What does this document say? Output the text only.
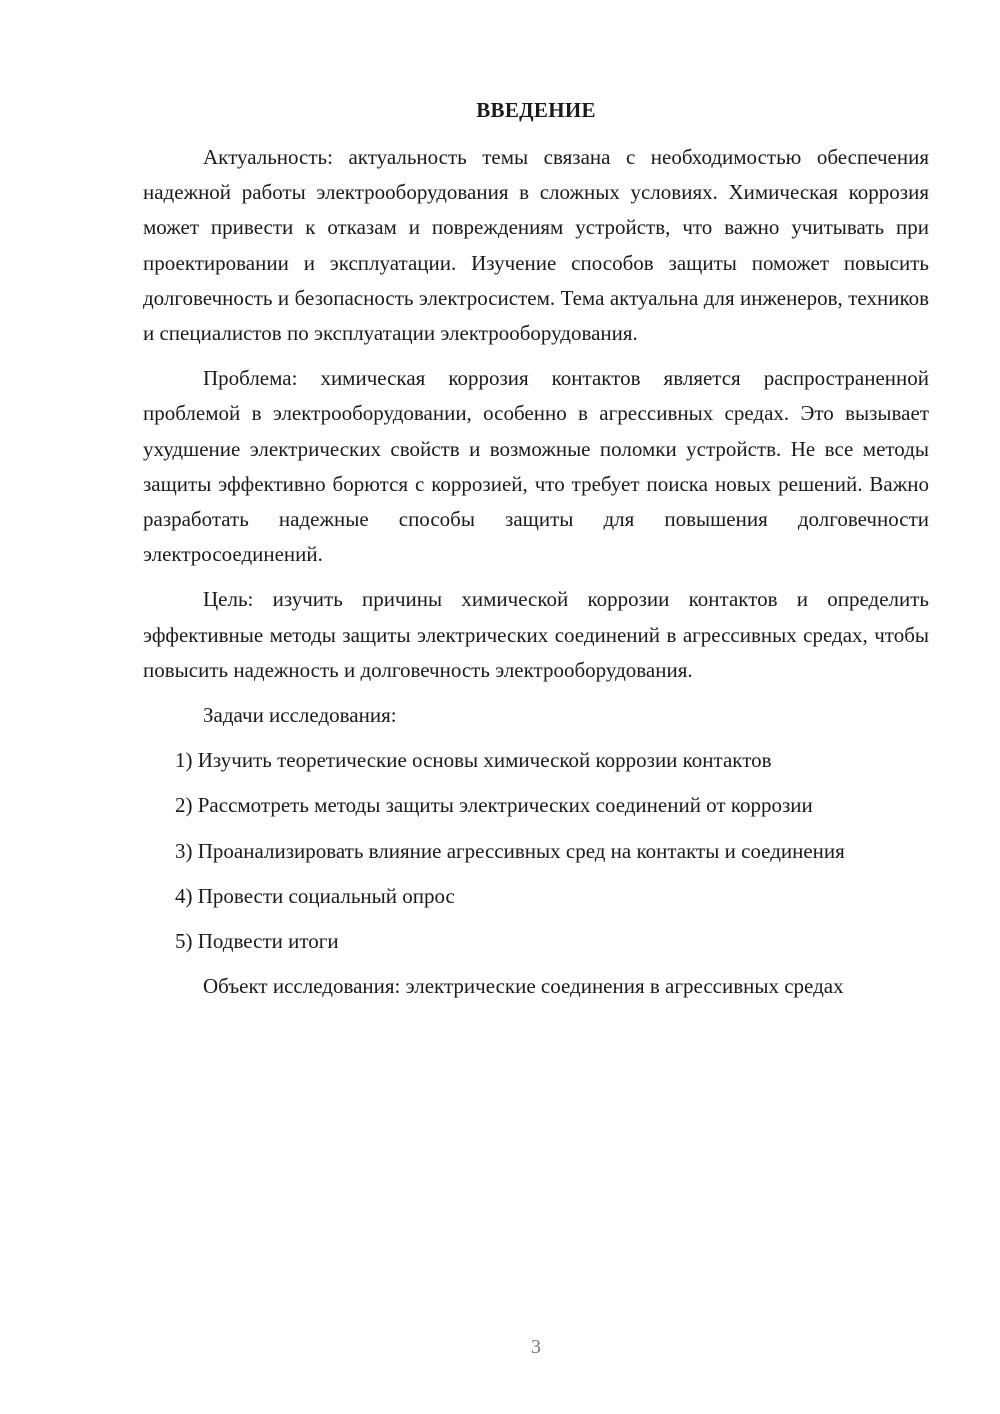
ВВЕДЕНИЕ

Актуальность: актуальность темы связана с необходимостью обеспечения надежной работы электрооборудования в сложных условиях. Химическая коррозия может привести к отказам и повреждениям устройств, что важно учитывать при проектировании и эксплуатации. Изучение способов защиты поможет повысить долговечность и безопасность электросистем. Тема актуальна для инженеров, техников и специалистов по эксплуатации электрооборудования.

Проблема: химическая коррозия контактов является распространенной проблемой в электрооборудовании, особенно в агрессивных средах. Это вызывает ухудшение электрических свойств и возможные поломки устройств. Не все методы защиты эффективно борются с коррозией, что требует поиска новых решений. Важно разработать надежные способы защиты для повышения долговечности электросоединений.

Цель: изучить причины химической коррозии контактов и определить эффективные методы защиты электрических соединений в агрессивных средах, чтобы повысить надежность и долговечность электрооборудования.

Задачи исследования:

1) Изучить теоретические основы химической коррозии контактов

2) Рассмотреть методы защиты электрических соединений от коррозии

3) Проанализировать влияние агрессивных сред на контакты и соединения

4) Провести социальный опрос

5) Подвести итоги

Объект исследования: электрические соединения в агрессивных средах

3
